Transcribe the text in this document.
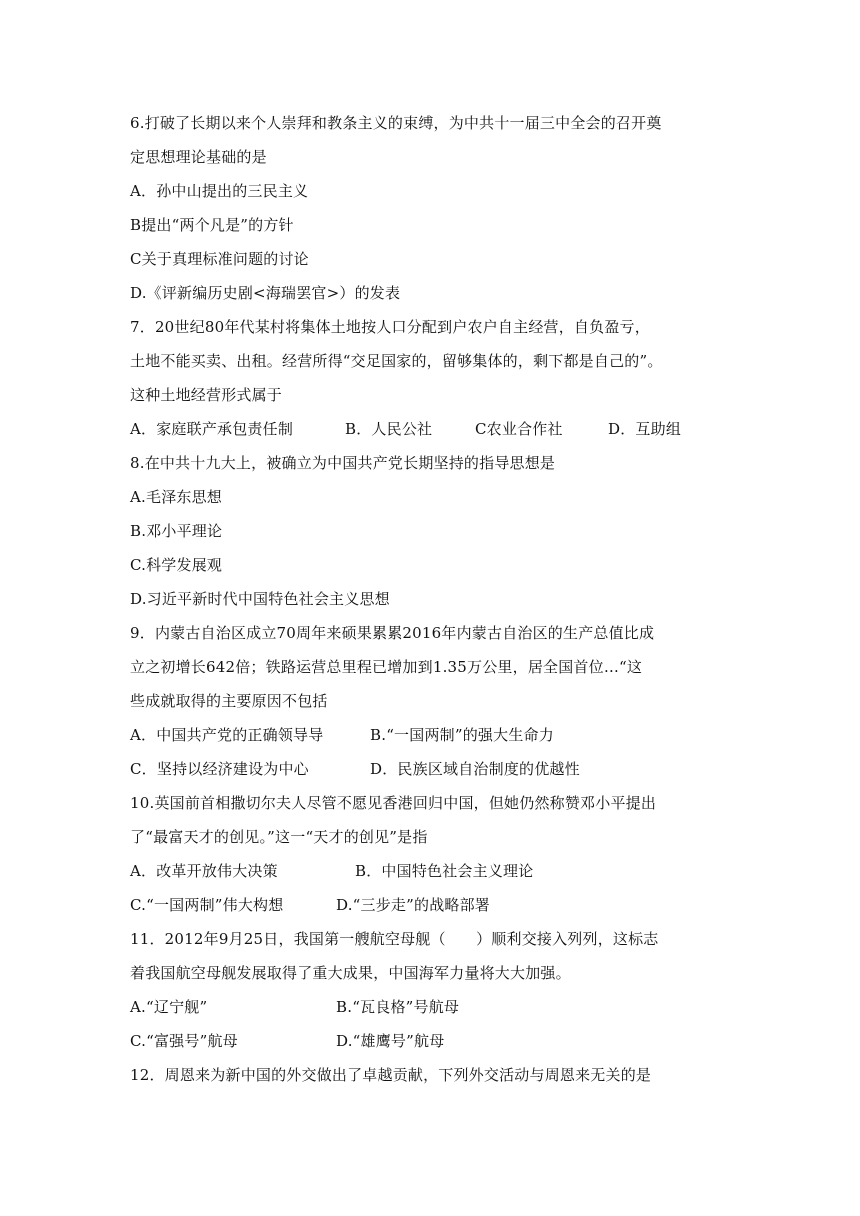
6.打破了长期以来个人崇拜和教条主义的束缚，为中共十一届三中全会的召开奠
定思想理论基础的是
A．孙中山提出的三民主义
B提出“两个凡是”的方针
C关于真理标准问题的讨论
D.《评新编历史剧<海瑞罢官>）的发表
7．20世纪80年代某村将集体土地按人口分配到户农户自主经营，自负盈亏，
土地不能买卖、出租。经营所得“交足国家的，留够集体的，剩下都是自己的”。
这种土地经营形式属于
A．家庭联产承包责任制	B．人民公社	C农业合作社	D．互助组
8.在中共十九大上，被确立为中国共产党长期坚持的指导思想是
A.毛泽东思想
B.邓小平理论
C.科学发展观
D.习近平新时代中国特色社会主义思想
9．内蒙古自治区成立70周年来硕果累累2016年内蒙古自治区的生产总值比成
立之初增长642倍；铁路运营总里程已增加到1.35万公里，居全国首位…“这
些成就取得的主要原因不包括
A．中国共产党的正确领导导	B.“一国两制”的强大生命力
C．坚持以经济建设为中心	D．民族区域自治制度的优越性
10.英国前首相撒切尔夫人尽管不愿见香港回归中国，但她仍然称赞邓小平提出
了“最富天才的创见。”这一“天才的创见”是指
A．改革开放伟大决策	B．中国特色社会主义理论
C.“一国两制”伟大构想	D.“三步走”的战略部署
11．2012年9月25日，我国第一艘航空母舰（　　）顺利交接入列列，这标志
着我国航空母舰发展取得了重大成果，中国海军力量将大大加强。
A.“辽宁舰”	B.“瓦良格”号航母
C.“富强号”航母	D.“雄鹰号”航母
12．周恩来为新中国的外交做出了卓越贡献，下列外交活动与周恩来无关的是
